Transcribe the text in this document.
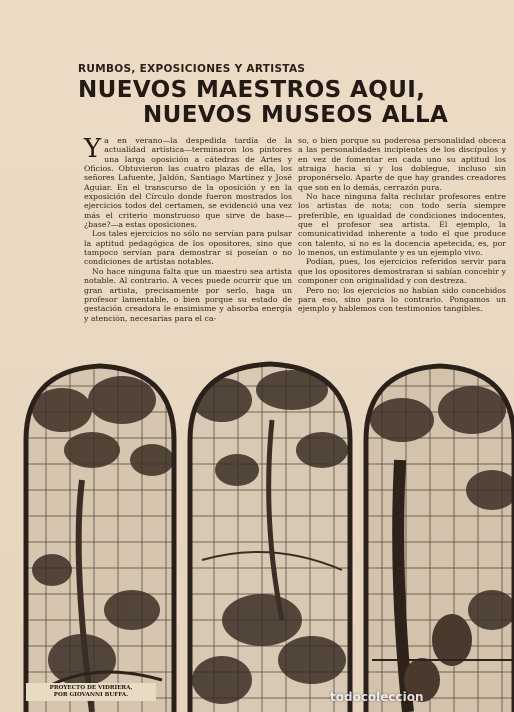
RUMBOS, EXPOSICIONES Y ARTISTAS
NUEVOS MAESTROS AQUI,
NUEVOS MUSEOS ALLA

Ya en verano—la despedida tardía de la actualidad artística—terminaron los pintores una larga oposición a cátedras de Artes y Oficios. Obtuvieron las cuatro plazas de ella, los señores Lafuente, Jaldón, Santiago Martínez y José Aguiar. En el transcurso de la oposición y en la exposición del Círculo donde fueron mostrados los ejercicios todos del certamen, se evidenció una vez más el criterio monstruoso que sirve de base—¿base?—a estas oposiciones.

Los tales ejercicios no sólo no servían para pulsar la aptitud pedagógica de los opositores, sino que tampoco servían para demostrar si poseían o no condiciones de artistas notables.

No hace ninguna falta que un maestro sea artista notable. Al contrario. A veces puede ocurrir que un gran artista, precisamente por serlo, haga un profesor lamentable, o bien porque su estado de gestación creadora le ensimisme y absorba energía y atención, necesarias para el ca-

so, o bien porque su poderosa personalidad obceca a las personalidades incipientes de los discípulos y en vez de fomentar en cada uno su aptitud los atraiga hacia sí y los doblegue, incluso sin proponérselo. Aparte de que hay grandes creadores que son en lo demás, cerrazón pura.

No hace ninguna falta reclutar profesores entre los artistas de nota; con todo sería siempre preferible, en igualdad de condiciones indocentes, que el profesor sea artista. El ejemplo, la comunicatividad inherente a todo el que produce con talento, si no es la docencia apetecida, es, por lo menos, un estimulante y es un ejemplo vivo.

Podían, pues, los ejercicios referidos servir para que los opositores demostraran si sabían concebir y componer con originalidad y con destreza.

Pero no; los ejercicios no habían sido concebidos para eso, sino para lo contrario. Pongamos un ejemplo y hablemos con testimonios tangibles.

PROYECTO DE VIDRIERA,
POR GIOVANNI BUFFA.	todocoleccion
